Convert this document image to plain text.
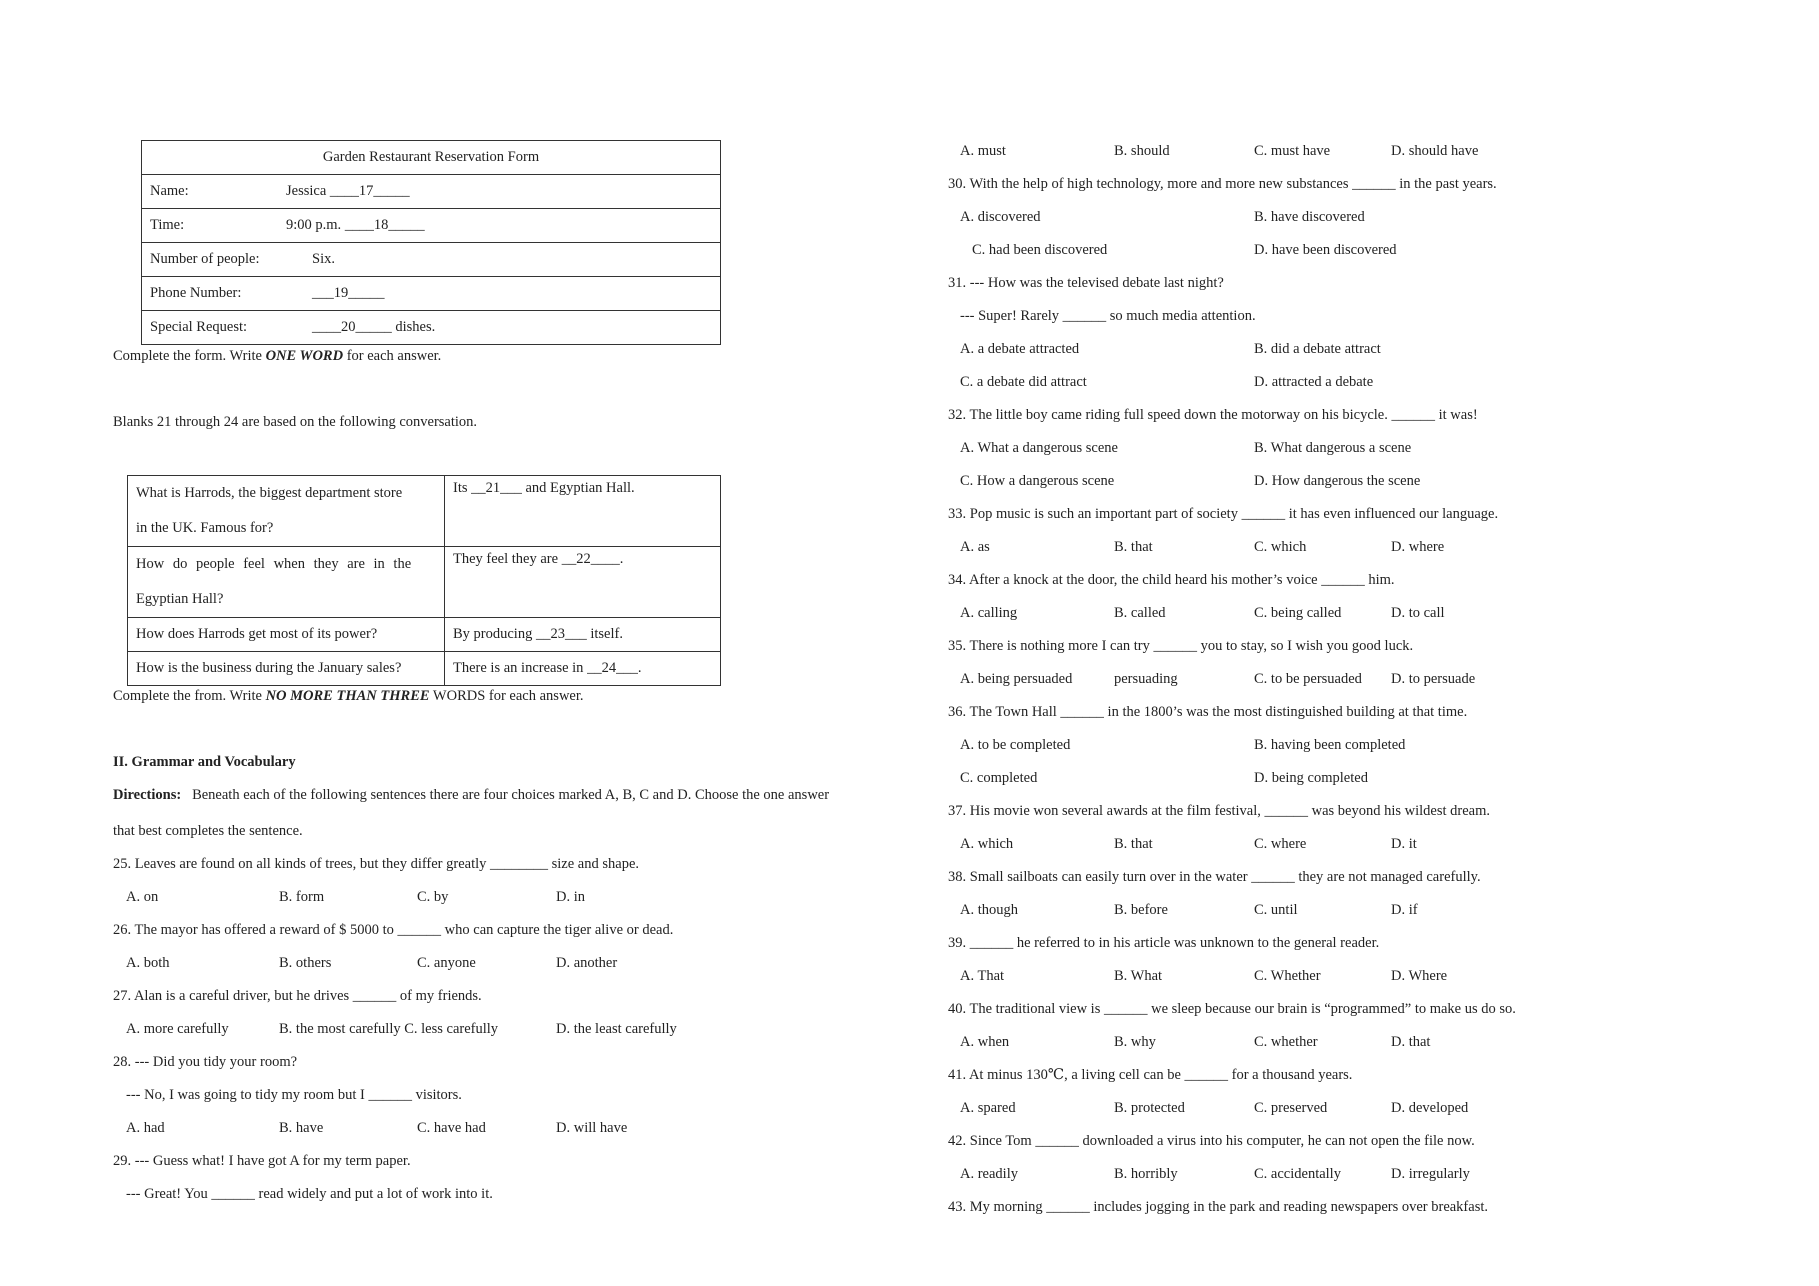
Garden Restaurant Reservation Form	
Name:	Jessica ____17_____
Time:	9:00 p.m. ____18_____
Number of people:	Six.
Phone Number:	___19_____
Special Request:	____20_____ dishes.
Complete the form. Write ONE WORD for each answer.
Blanks 21 through 24 are based on the following conversation.
What is Harrods, the biggest department store
in the UK. Famous for?	Its __21___ and Egyptian Hall.

How do people feel when they are in the
Egyptian Hall?	They feel they are __22____.
How does Harrods get most of its power?	By producing __23___ itself.
How is the business during the January sales?	There is an increase in __24___.
Complete the from. Write NO MORE THAN THREE WORDS for each answer.
II. Grammar and Vocabulary
Directions: Beneath each of the following sentences there are four choices marked A, B, C and D. Choose the one answer
that best completes the sentence.
25. Leaves are found on all kinds of trees, but they differ greatly ________ size and shape.
A. on	B. form	C. by	D. in
26. The mayor has offered a reward of $ 5000 to ______ who can capture the tiger alive or dead.
A. both	B. others	C. anyone	D. another
27. Alan is a careful driver, but he drives ______ of my friends.
A. more carefully	B. the most carefully C. less carefully	D. the least carefully
28. --- Did you tidy your room?
--- No, I was going to tidy my room but I ______ visitors.
A. had	B. have	C. have had	D. will have
29. --- Guess what! I have got A for my term paper.
--- Great! You ______ read widely and put a lot of work into it.
A. must	B. should	C. must have	D. should have
30. With the help of high technology, more and more new substances ______ in the past years.
A. discovered	B. have discovered
C. had been discovered	D. have been discovered
31. --- How was the televised debate last night?
--- Super! Rarely ______ so much media attention.
A. a debate attracted	B. did a debate attract
C. a debate did attract	D. attracted a debate
32. The little boy came riding full speed down the motorway on his bicycle. ______ it was!
A. What a dangerous scene	B. What dangerous a scene
C. How a dangerous scene	D. How dangerous the scene
33. Pop music is such an important part of society ______ it has even influenced our language.
A. as	B. that	C. which	D. where
34. After a knock at the door, the child heard his mother’s voice ______ him.
A. calling	B. called	C. being called	D. to call
35. There is nothing more I can try ______ you to stay, so I wish you good luck.
A. being persuaded	persuading	C. to be persuaded D. to persuade
36. The Town Hall ______ in the 1800’s was the most distinguished building at that time.
A. to be completed	B. having been completed
C. completed	D. being completed
37. His movie won several awards at the film festival, ______ was beyond his wildest dream.
A. which	B. that	C. where	D. it
38. Small sailboats can easily turn over in the water ______ they are not managed carefully.
A. though	B. before	C. until	D. if
39. ______ he referred to in his article was unknown to the general reader.
A. That	B. What	C. Whether	D. Where
40. The traditional view is ______ we sleep because our brain is “programmed” to make us do so.
A. when	B. why	C. whether	D. that
41. At minus 130℃, a living cell can be ______ for a thousand years.
A. spared	B. protected	C. preserved	D. developed
42. Since Tom ______ downloaded a virus into his computer, he can not open the file now.
A. readily	B. horribly	C. accidentally	D. irregularly
43. My morning ______ includes jogging in the park and reading newspapers over breakfast.
